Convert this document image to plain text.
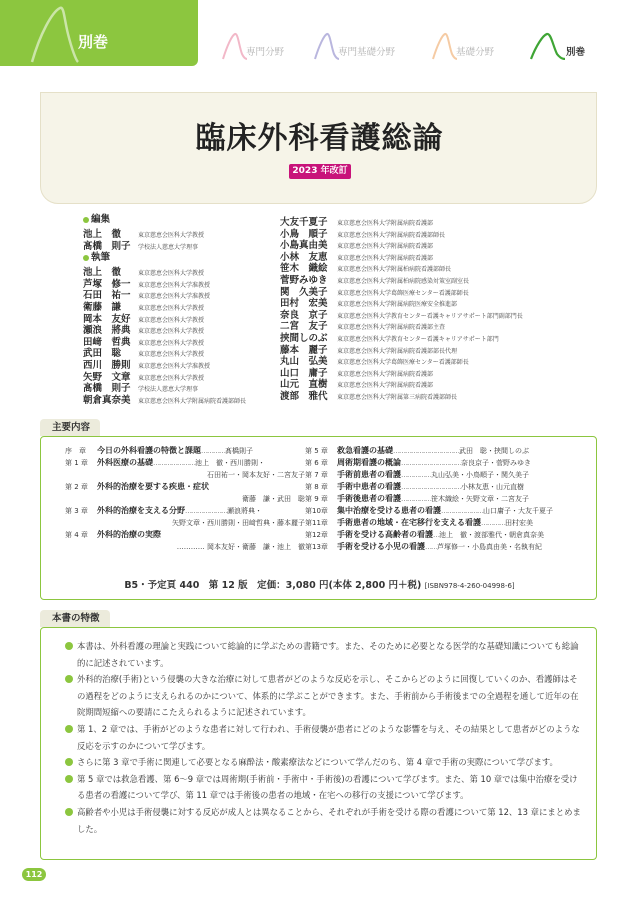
別巻
専門分野	専門基礎分野	基礎分野	別巻
臨床外科看護総論
2023 年改訂
編集
池上　徹	東京慈恵会医科大学教授
髙橋　則子 学校法人慈恵大学理事
執筆
池上　徹	東京慈恵会医科大学教授
芦塚　修一 東京慈恵会医科大学准教授
石田　祐一 東京慈恵会医科大学准教授
衛藤　謙	東京慈恵会医科大学教授
岡本　友好 東京慈恵会医科大学教授
瀬浪　將典 東京慈恵会医科大学教授
田﨑　哲典 東京慈恵会医科大学教授
武田　聡	東京慈恵会医科大学教授
西川　勝則 東京慈恵会医科大学准教授
矢野　文章 東京慈恵会医科大学教授
髙橋　則子 学校法人慈恵大学理事
朝倉真奈美 東京慈恵会医科大学附属病院看護部師長
大友千夏子 東京慈恵会医科大学附属病院看護部
小鳥　順子 東京慈恵会医科大学附属病院看護部師長
小島真由美 東京慈恵会医科大学附属病院看護部
小林　友恵 東京慈恵会医科大学附属病院看護部
笹木　織絵 東京慈恵会医科大学附属柏病院看護部師長
菅野みゆき 東京慈恵会医科大学附属柏病院感染対策室副室長
関　久美子 東京慈恵会医科大学葛飾医療センター看護部師長
田村　宏美 東京慈恵会医科大学附属病院医療安全推進部
奈良　京子 東京慈恵会医科大学教育センター看護キャリアサポート部門副部門長
二宮　友子 東京慈恵会医科大学附属病院看護部主査
挟間しのぶ 東京慈恵会医科大学教育センター看護キャリアサポート部門
藤本　麗子 東京慈恵会医科大学附属病院看護部部長代理
丸山　弘美 東京慈恵会医科大学葛飾医療センター看護部師長
山口　庸子 東京慈恵会医科大学附属病院看護部
山元　直樹 東京慈恵会医科大学附属病院看護部
渡部　雅代 東京慈恵会医科大学附属第三病院看護部師長
主要内容
序　章 今日の外科看護の特徴と課題…………髙橋則子
第 1 章 外科医療の基礎…………………池上　徹・西川勝則・
石田祐一・岡本友好・二宮友子
第 2 章 外科的治療を要する疾患・症状
衛藤　謙・武田　聡
第 3 章 外科的治療を支える分野…………………瀬浪將典・
矢野文章・西川勝則・田﨑哲典・藤本麗子
第 4 章 外科的治療の実際
………… 岡本友好・衛藤　謙・池上　徹
第 5 章 救急看護の基礎……………………………武田　聡・挟間しのぶ
第 6 章 周術期看護の概論…………………………奈良京子・菅野みゆき
第 7 章 手術前患者の看護……………丸山弘美・小鳥順子・関久美子
第 8 章 手術中患者の看護…………………………小林友恵・山元直樹
第 9 章 手術後患者の看護……………笹木織絵・矢野文章・二宮友子
第10章 集中治療を受ける患者の看護…………………山口庸子・大友千夏子
第11章 手術患者の地域・在宅移行を支える看護…………田村宏美
第12章 手術を受ける高齢者の看護…池上　徹・渡部雅代・朝倉真奈美
第13章 手術を受ける小児の看護……芦塚修一・小島真由美・名執有紀
B5・予定頁 440　第 12 版　定価：3,080 円(本体 2,800 円＋税) [ISBN978-4-260-04998-6]
本書の特徴
本書は、外科看護の理論と実践について総論的に学ぶための書籍です。また、そのために必要となる医学的な基礎知識についても総論的に記述されています。
外科的治療(手術)という侵襲の大きな治療に対して患者がどのような反応を示し、そこからどのように回復していくのか、看護師はその過程をどのように支えられるのかについて、体系的に学ぶことができます。また、手術前から手術後までの全過程を通して近年の在院期間短縮への要請にこたえられるように記述されています。
第 1、2 章では、手術がどのような患者に対して行われ、手術侵襲が患者にどのような影響を与え、その結果として患者がどのような反応を示すのかについて学びます。
さらに第 3 章で手術に関連して必要となる麻酔法・酸素療法などについて学んだのち、第 4 章で手術の実際について学びます。
第 5 章では救急看護、第 6〜9 章では周術期(手術前・手術中・手術後)の看護について学びます。また、第 10 章では集中治療を受ける患者の看護について学び、第 11 章では手術後の患者の地域・在宅への移行の支援について学びます。
高齢者や小児は手術侵襲に対する反応が成人とは異なることから、それぞれが手術を受ける際の看護について第 12、13 章にまとめました。
112
